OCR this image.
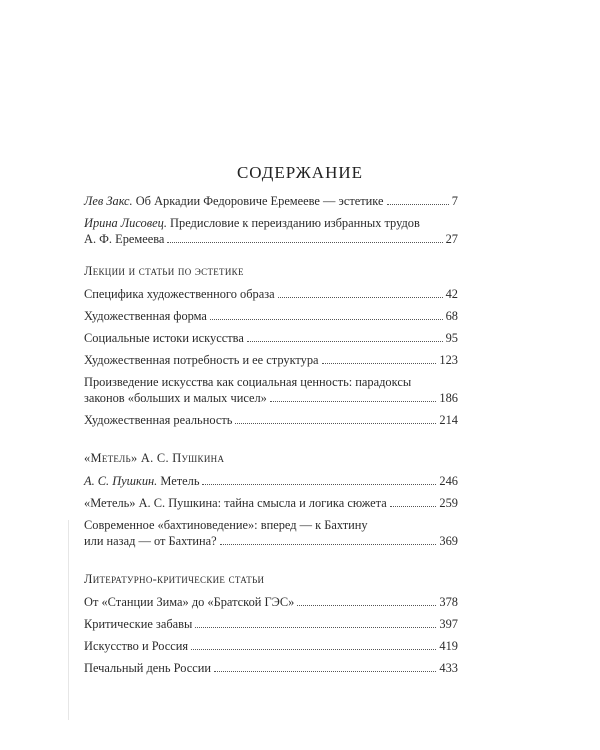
СОДЕРЖАНИЕ
Лев Закс. Об Аркадии Федоровиче Еремееве — эстетике	7
Ирина Лисовец. Предисловие к переизданию избранных трудов
А. Ф. Еремеева	27
Лекции и статьи по эстетике
Специфика художественного образа	42
Художественная форма	68
Социальные истоки искусства	95
Художественная потребность и ее структура	123
Произведение искусства как социальная ценность: парадоксы
законов «больших и малых чисел»	186
Художественная реальность	214
«Метель» А. С. Пушкина
А. С. Пушкин. Метель	246
«Метель» А. С. Пушкина: тайна смысла и логика сюжета	259
Современное «бахтиноведение»: вперед — к Бахтину
или назад — от Бахтина?	369
Литературно-критические статьи
От «Станции Зима» до «Братской ГЭС»	378
Критические забавы	397
Искусство и Россия	419
Печальный день России	433
